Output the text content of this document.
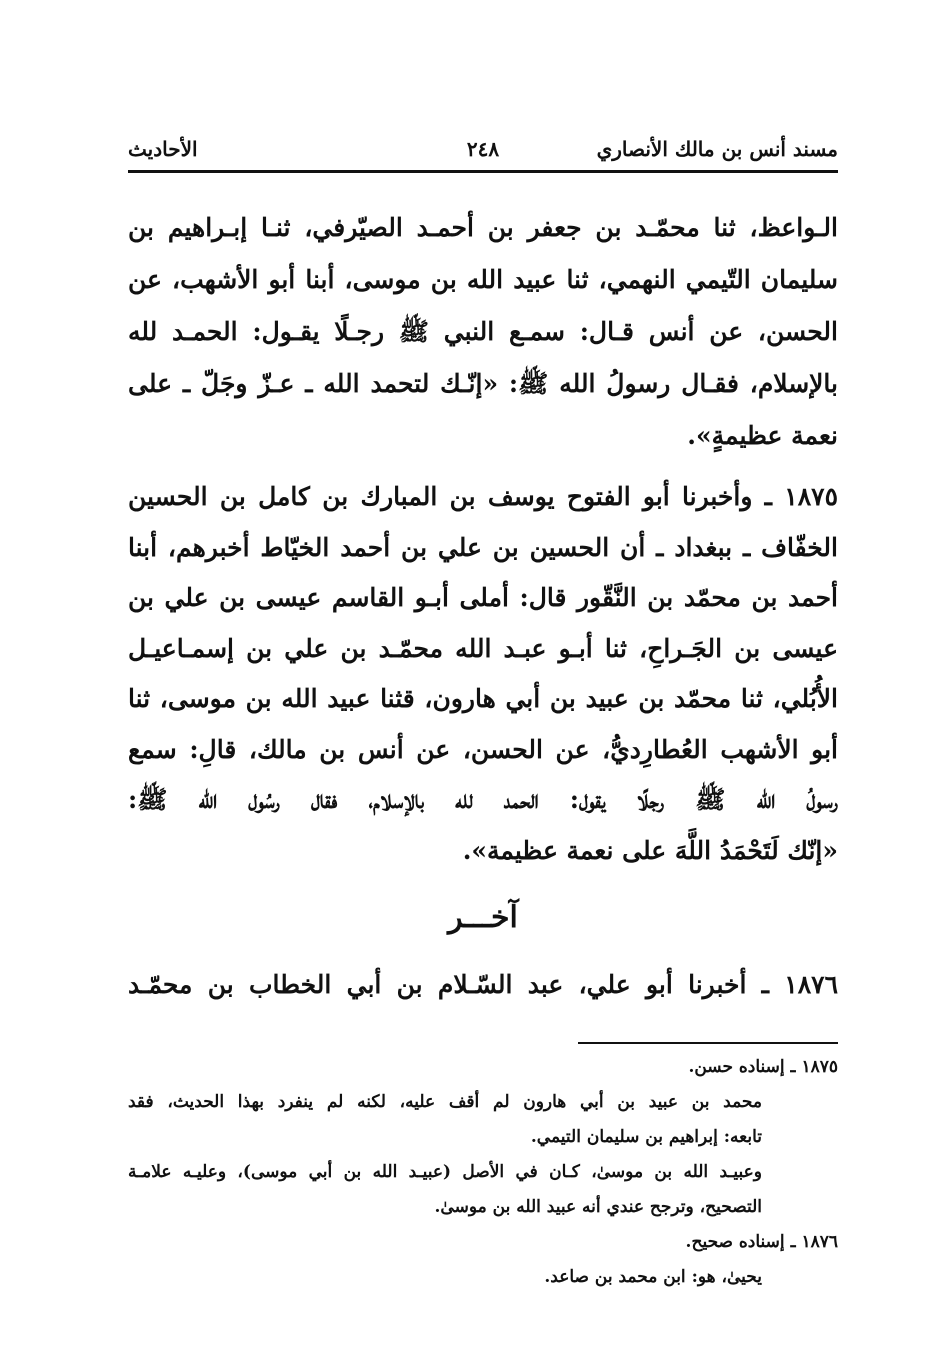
مسند أنس بن مالك الأنصاري
٢٤٨
الأحاديث
الـواعظ، ثنا محمّـد بن جعفر بن أحمـد الصيّرفي، ثنـا إبـراهيم بن
سليمان التّيمي النهمي، ثنا عبيد الله بن موسى، أبنا أبو الأشهب، عن
الحسن، عن أنس قـال: سمـع النبي ﷺ رجـلًا يقـول: الحمـد لله
بالإسلام، فقـال رسولُ الله ﷺ: «إنّـك لتحمد الله ـ عـزّ وجَلّ ـ على
نعمة عظيمةٍ».
١٨٧٥ ـ وأخبرنا أبو الفتوح يوسف بن المبارك بن كامل بن الحسين
الخفّاف ـ ببغداد ـ أن الحسين بن علي بن أحمد الخيّاط أخبرهم، أبنا
أحمد بن محمّد بن النَّقّور قال: أملى أبـو القاسم عيسى بن علي بن
عيسى بن الجَـراحِ، ثنا أبـو عبـد الله محمّـد بن علي بن إسمـاعيـل
الأُبُلي، ثنا محمّد بن عبيد بن أبي هارون، قثنا عبيد الله بن موسى، ثنا
أبو الأشهب العُطارِديُّ، عن الحسن، عن أنس بن مالك، قالِ: سمع
رسولُ الله ﷺ رجلًا يقول: الحمد لله بالإسلام، فقال رسُول الله ﷺ:
«إنّك لَتَحْمَدُ اللَّهَ على نعمة عظيمة».
آخـــر
١٨٧٦ ـ أخبرنا أبو علي، عبد السّـلام بن أبي الخطاب بن محمّـد
١٨٧٥ ـ إسناده حسن.
محمد بن عبيد بن أبي هارون لم أقف عليه، لكنه لم ينفرد بهذا الحديث، فقد
تابعه: إبراهيم بن سليمان التيمي.
وعبيـد الله بن موسىٰ، كـان في الأصل (عبيـد الله بن أبي موسى)، وعليـه علامـة
التصحيح، وترجح عندي أنه عبيد الله بن موسىٰ.
١٨٧٦ ـ إسناده صحيح.
يحيىٰ، هو: ابن محمد بن صاعد.
